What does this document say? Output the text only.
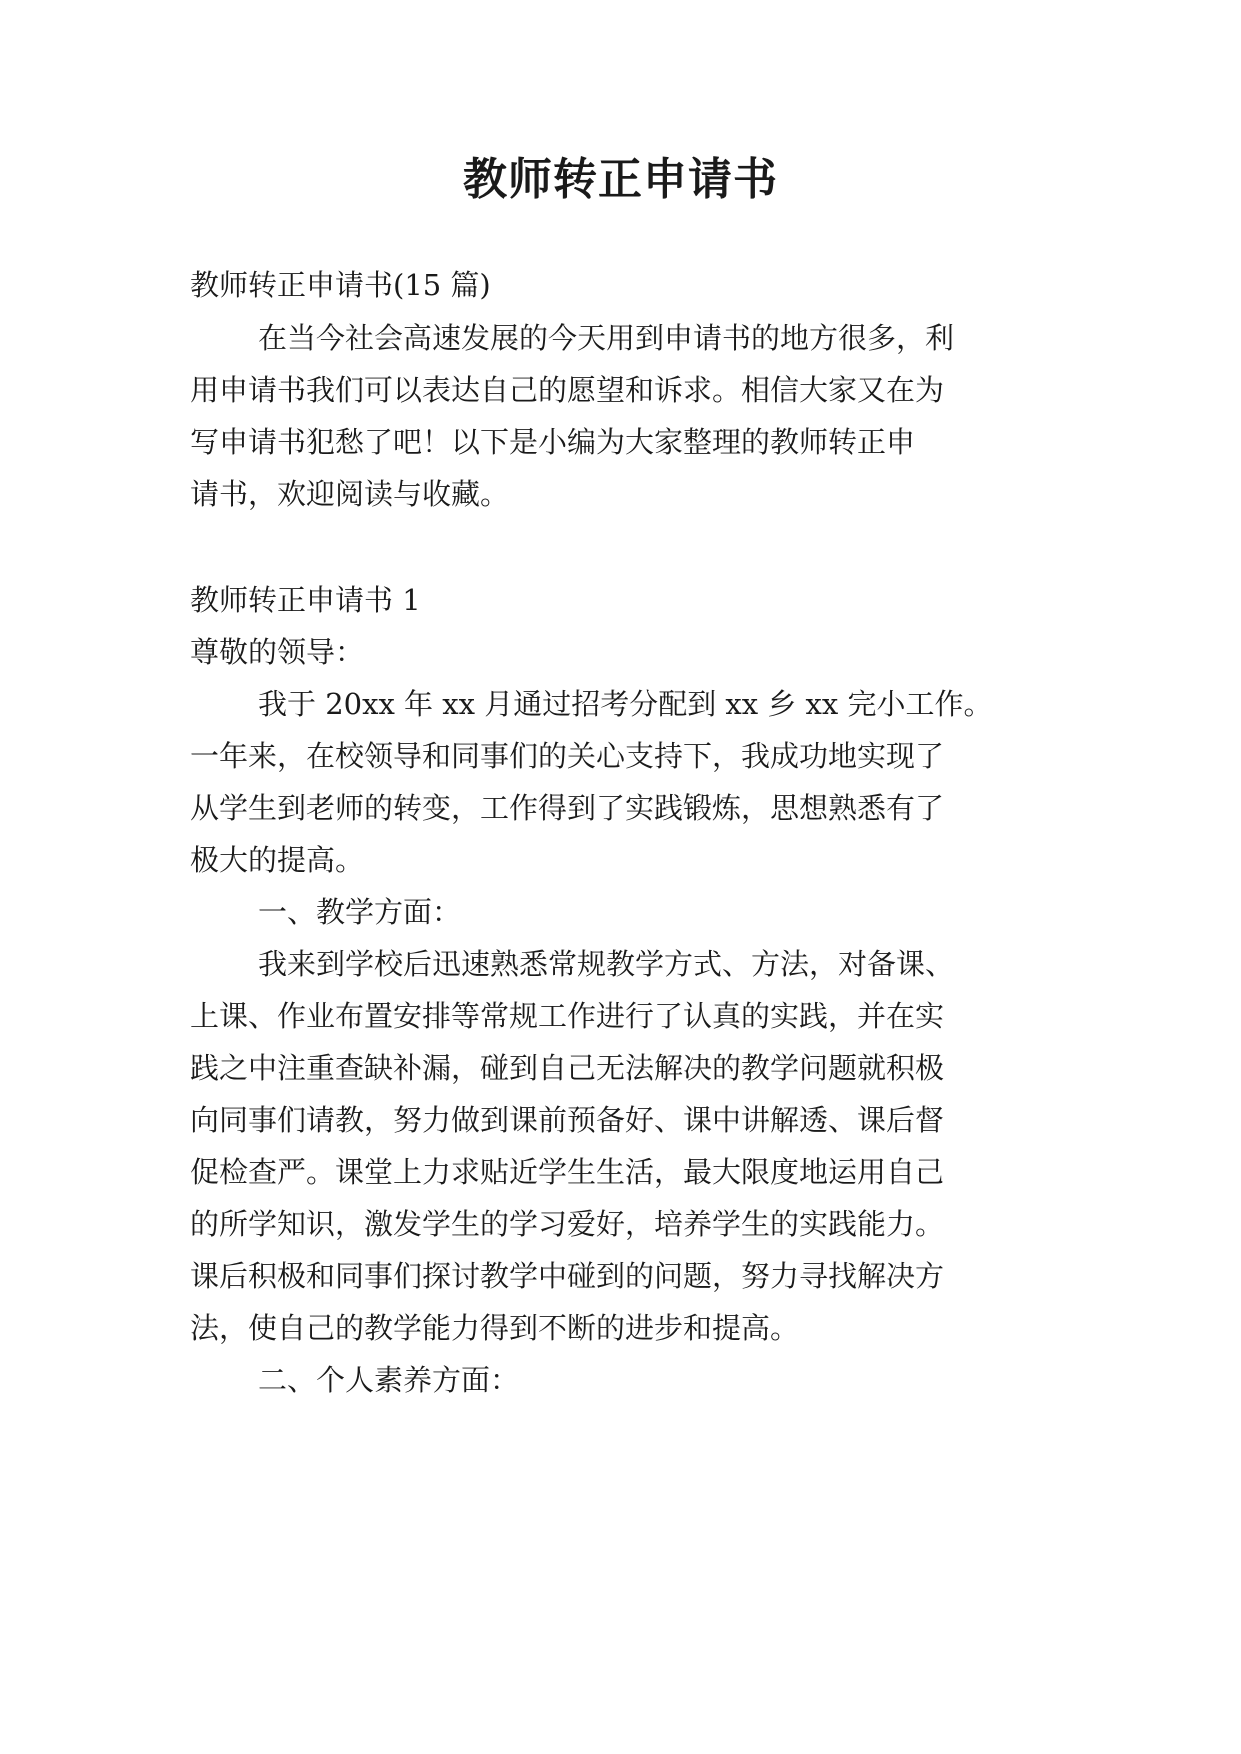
教师转正申请书

教师转正申请书(15 篇)

在当今社会高速发展的今天用到申请书的地方很多，利

用申请书我们可以表达自己的愿望和诉求。相信大家又在为

写申请书犯愁了吧！以下是小编为大家整理的教师转正申

请书，欢迎阅读与收藏。

教师转正申请书 1

尊敬的领导：

我于 20xx 年 xx 月通过招考分配到 xx 乡 xx 完小工作。

一年来，在校领导和同事们的关心支持下，我成功地实现了

从学生到老师的转变，工作得到了实践锻炼，思想熟悉有了

极大的提高。

一、教学方面：

我来到学校后迅速熟悉常规教学方式、方法，对备课、

上课、作业布置安排等常规工作进行了认真的实践，并在实

践之中注重查缺补漏，碰到自己无法解决的教学问题就积极

向同事们请教，努力做到课前预备好、课中讲解透、课后督

促检查严。课堂上力求贴近学生生活，最大限度地运用自己

的所学知识，激发学生的学习爱好，培养学生的实践能力。

课后积极和同事们探讨教学中碰到的问题，努力寻找解决方

法，使自己的教学能力得到不断的进步和提高。

二、个人素养方面：
